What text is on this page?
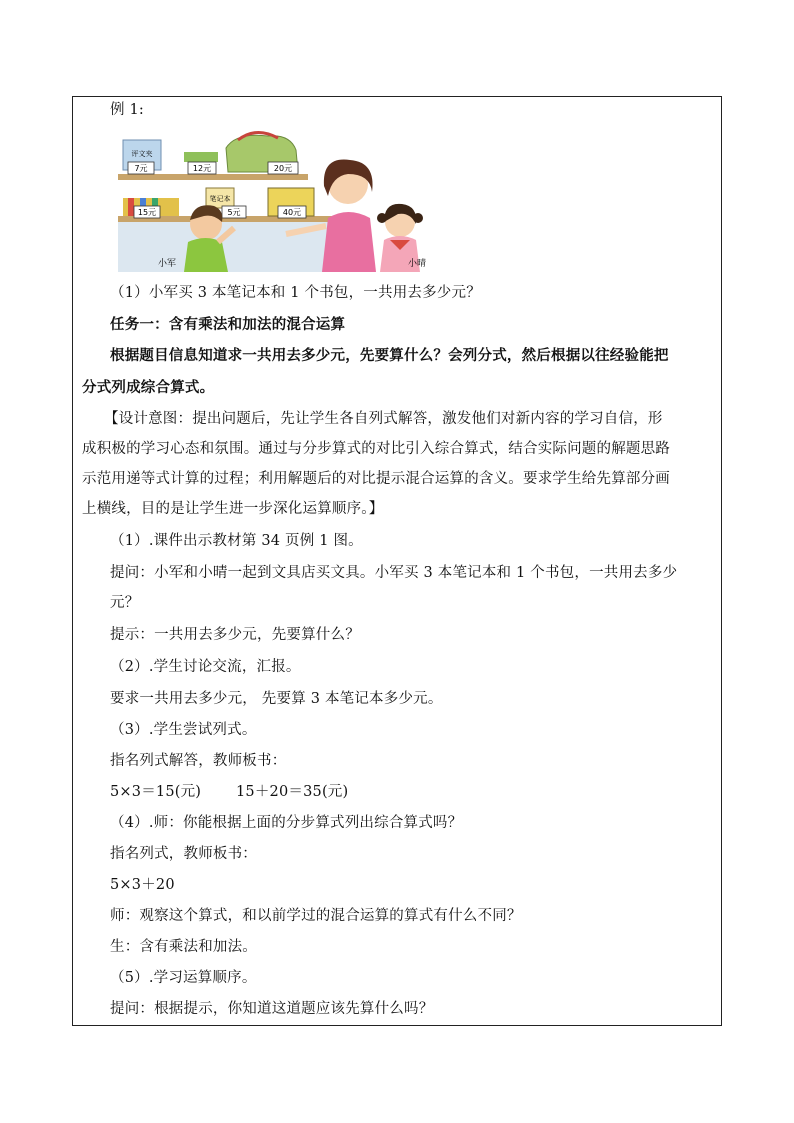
例 1:
7元	12元	20元
评文夹
15元	5元	40元
笔记本
小军	小晴
（1）小军买 3 本笔记本和 1 个书包，一共用去多少元？
任务一：含有乘法和加法的混合运算
根据题目信息知道求一共用去多少元，先要算什么？会列分式，然后根据以往经验能把
分式列成综合算式。
【设计意图：提出问题后，先让学生各自列式解答，激发他们对新内容的学习自信，形
成积极的学习心态和氛围。通过与分步算式的对比引入综合算式，结合实际问题的解题思路
示范用递等式计算的过程；利用解题后的对比提示混合运算的含义。要求学生给先算部分画
上横线，目的是让学生进一步深化运算顺序。】
（1）.课件出示教材第 34 页例 1 图。
提问：小军和小晴一起到文具店买文具。小军买 3 本笔记本和 1 个书包，一共用去多少
元？
提示：一共用去多少元，先要算什么？
（2）.学生讨论交流，汇报。
要求一共用去多少元， 先要算 3 本笔记本多少元。
（3）.学生尝试列式。
指名列式解答，教师板书：
5×3＝15(元) 15＋20＝35(元)
（4）.师：你能根据上面的分步算式列出综合算式吗？
指名列式，教师板书：
5×3＋20
师：观察这个算式，和以前学过的混合运算的算式有什么不同？
生：含有乘法和加法。
（5）.学习运算顺序。
提问：根据提示，你知道这道题应该先算什么吗？
